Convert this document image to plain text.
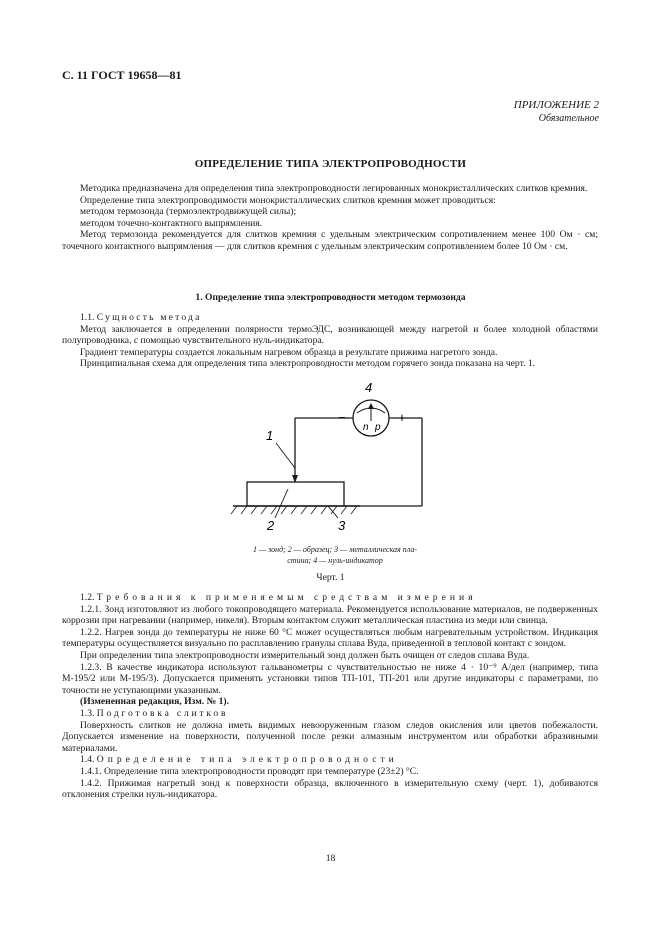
С. 11 ГОСТ 19658—81
ПРИЛОЖЕНИЕ 2
Обязательное
ОПРЕДЕЛЕНИЕ ТИПА ЭЛЕКТРОПРОВОДНОСТИ

Методика предназначена для определения типа электропроводности легированных монокристаллических слитков кремния.

Определение типа электропроводимости монокристаллических слитков кремния может проводиться:

методом термозонда (термоэлектродвижущей силы);

методом точечно-контактного выпрямления.

Метод термозонда рекомендуется для слитков кремния с удельным электрическим сопротивлением менее 100 Ом · см; точечного контактного выпрямления — для слитков кремния с удельным электрическим сопротивлением более 10 Ом · см.

1. Определение типа электропроводности методом термозонда

1.1. Сущность метода

Метод заключается в определении полярности термоЭДС, возникающей между нагретой и более холодной областями полупроводника, с помощью чувствительного нуль-индикатора.

Градиент температуры создается локальным нагревом образца в результате прижима нагретого зонда.

Принципиальная схема для определения типа электропроводности методом горячего зонда показана на черт. 1.

n p
−	+
4
1
2	3
1 — зонд; 2 — образец; 3 — металлическая пла-
стина; 4 — нуль-индикатор
Черт. 1

1.2. Требования к применяемым средствам измерения

1.2.1. Зонд изготовляют из любого токопроводящего материала. Рекомендуется использование материалов, не подверженных коррозии при нагревании (например, никеля). Вторым контактом служит металлическая пластина из меди или свинца.

1.2.2. Нагрев зонда до температуры не ниже 60 °С может осуществляться любым нагревательным устройством. Индикация температуры осуществляется визуально по расплавлению гранулы сплава Вуда, приведенной в тепловой контакт с зондом.

При определении типа электропроводности измерительный зонд должен быть очищен от следов сплава Вуда.

1.2.3. В качестве индикатора используют гальванометры с чувствительностью не ниже 4 · 10⁻⁹ А/дел (например, типа М-195/2 или М-195/3). Допускается применять установки типов ТП-101, ТП-201 или другие индикаторы с параметрами, по точности не уступающими указанным.

(Измененная редакция, Изм. № 1).

1.3. Подготовка слитков

Поверхность слитков не должна иметь видимых невооруженным глазом следов окисления или цветов побежалости. Допускается изменение на поверхности, полученной после резки алмазным инструментом или обработки абразивными материалами.

1.4. Определение типа электропроводности

1.4.1. Определение типа электропроводности проводят при температуре (23±2) °С.

1.4.2. Прижимая нагретый зонд к поверхности образца, включенного в измерительную схему (черт. 1), добиваются отклонения стрелки нуль-индикатора.

18
